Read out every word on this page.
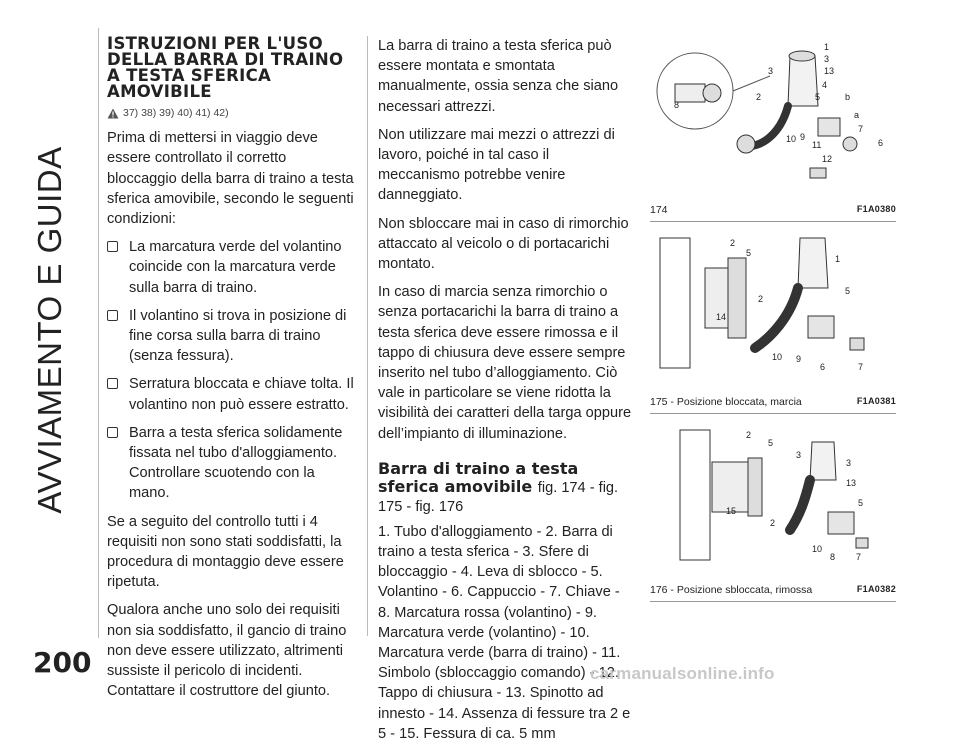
AVVIAMENTO E GUIDA
200
ISTRUZIONI PER L'USO DELLA BARRA DI TRAINO A TESTA SFERICA AMOVIBILE
37) 38) 39) 40) 41) 42)

Prima di mettersi in viaggio deve essere controllato il corretto bloccaggio della barra di traino a testa sferica amovibile, secondo le seguenti condizioni:

La marcatura verde del volantino coincide con la marcatura verde sulla barra di traino.
Il volantino si trova in posizione di fine corsa sulla barra di traino (senza fessura).
Serratura bloccata e chiave tolta. Il volantino non può essere estratto.
Barra a testa sferica solidamente fissata nel tubo d'alloggiamento. Controllare scuotendo con la mano.

Se a seguito del controllo tutti i 4 requisiti non sono stati soddisfatti, la procedura di montaggio deve essere ripetuta.

Qualora anche uno solo dei requisiti non sia soddisfatto, il gancio di traino non deve essere utilizzato, altrimenti sussiste il pericolo di incidenti. Contattare il costruttore del giunto.

La barra di traino a testa sferica può essere montata e smontata manualmente, ossia senza che siano necessari attrezzi.

Non utilizzare mai mezzi o attrezzi di lavoro, poiché in tal caso il meccanismo potrebbe venire danneggiato.

Non sbloccare mai in caso di rimorchio attaccato al veicolo o di portacarichi montato.

In caso di marcia senza rimorchio o senza portacarichi la barra di traino a testa sferica deve essere rimossa e il tappo di chiusura deve essere sempre inserito nel tubo d’alloggiamento. Ciò vale in particolare se viene ridotta la visibilità dei caratteri della targa oppure dell’impianto di illuminazione.

Barra di traino a testa sferica amovibile fig. 174 - fig. 175 - fig. 176

1. Tubo d'alloggiamento - 2. Barra di traino a testa sferica - 3. Sfere di bloccaggio - 4. Leva di sblocco - 5. Volantino - 6. Cappuccio - 7. Chiave - 8. Marcatura rossa (volantino) - 9. Marcatura verde (volantino) - 10. Marcatura verde (barra di traino) - 11. Simbolo (sbloccaggio comando) - 12. Tappo di chiusura - 13. Spinotto ad innesto - 14. Assenza di fessure tra 2 e 5 - 15. Fessura di ca. 5 mm

1
3
3
13
4
5	b
a
7
6
12
11
9
10
2
8
174	F1A0380
2
5
1
5
2
14
10 9
6	7
175 - Posizione bloccata, marcia	F1A0381
2
5
3
3
13
5
15
2
10
8 7
176 - Posizione sbloccata, rimossa	F1A0382
carmanualsonline.info
